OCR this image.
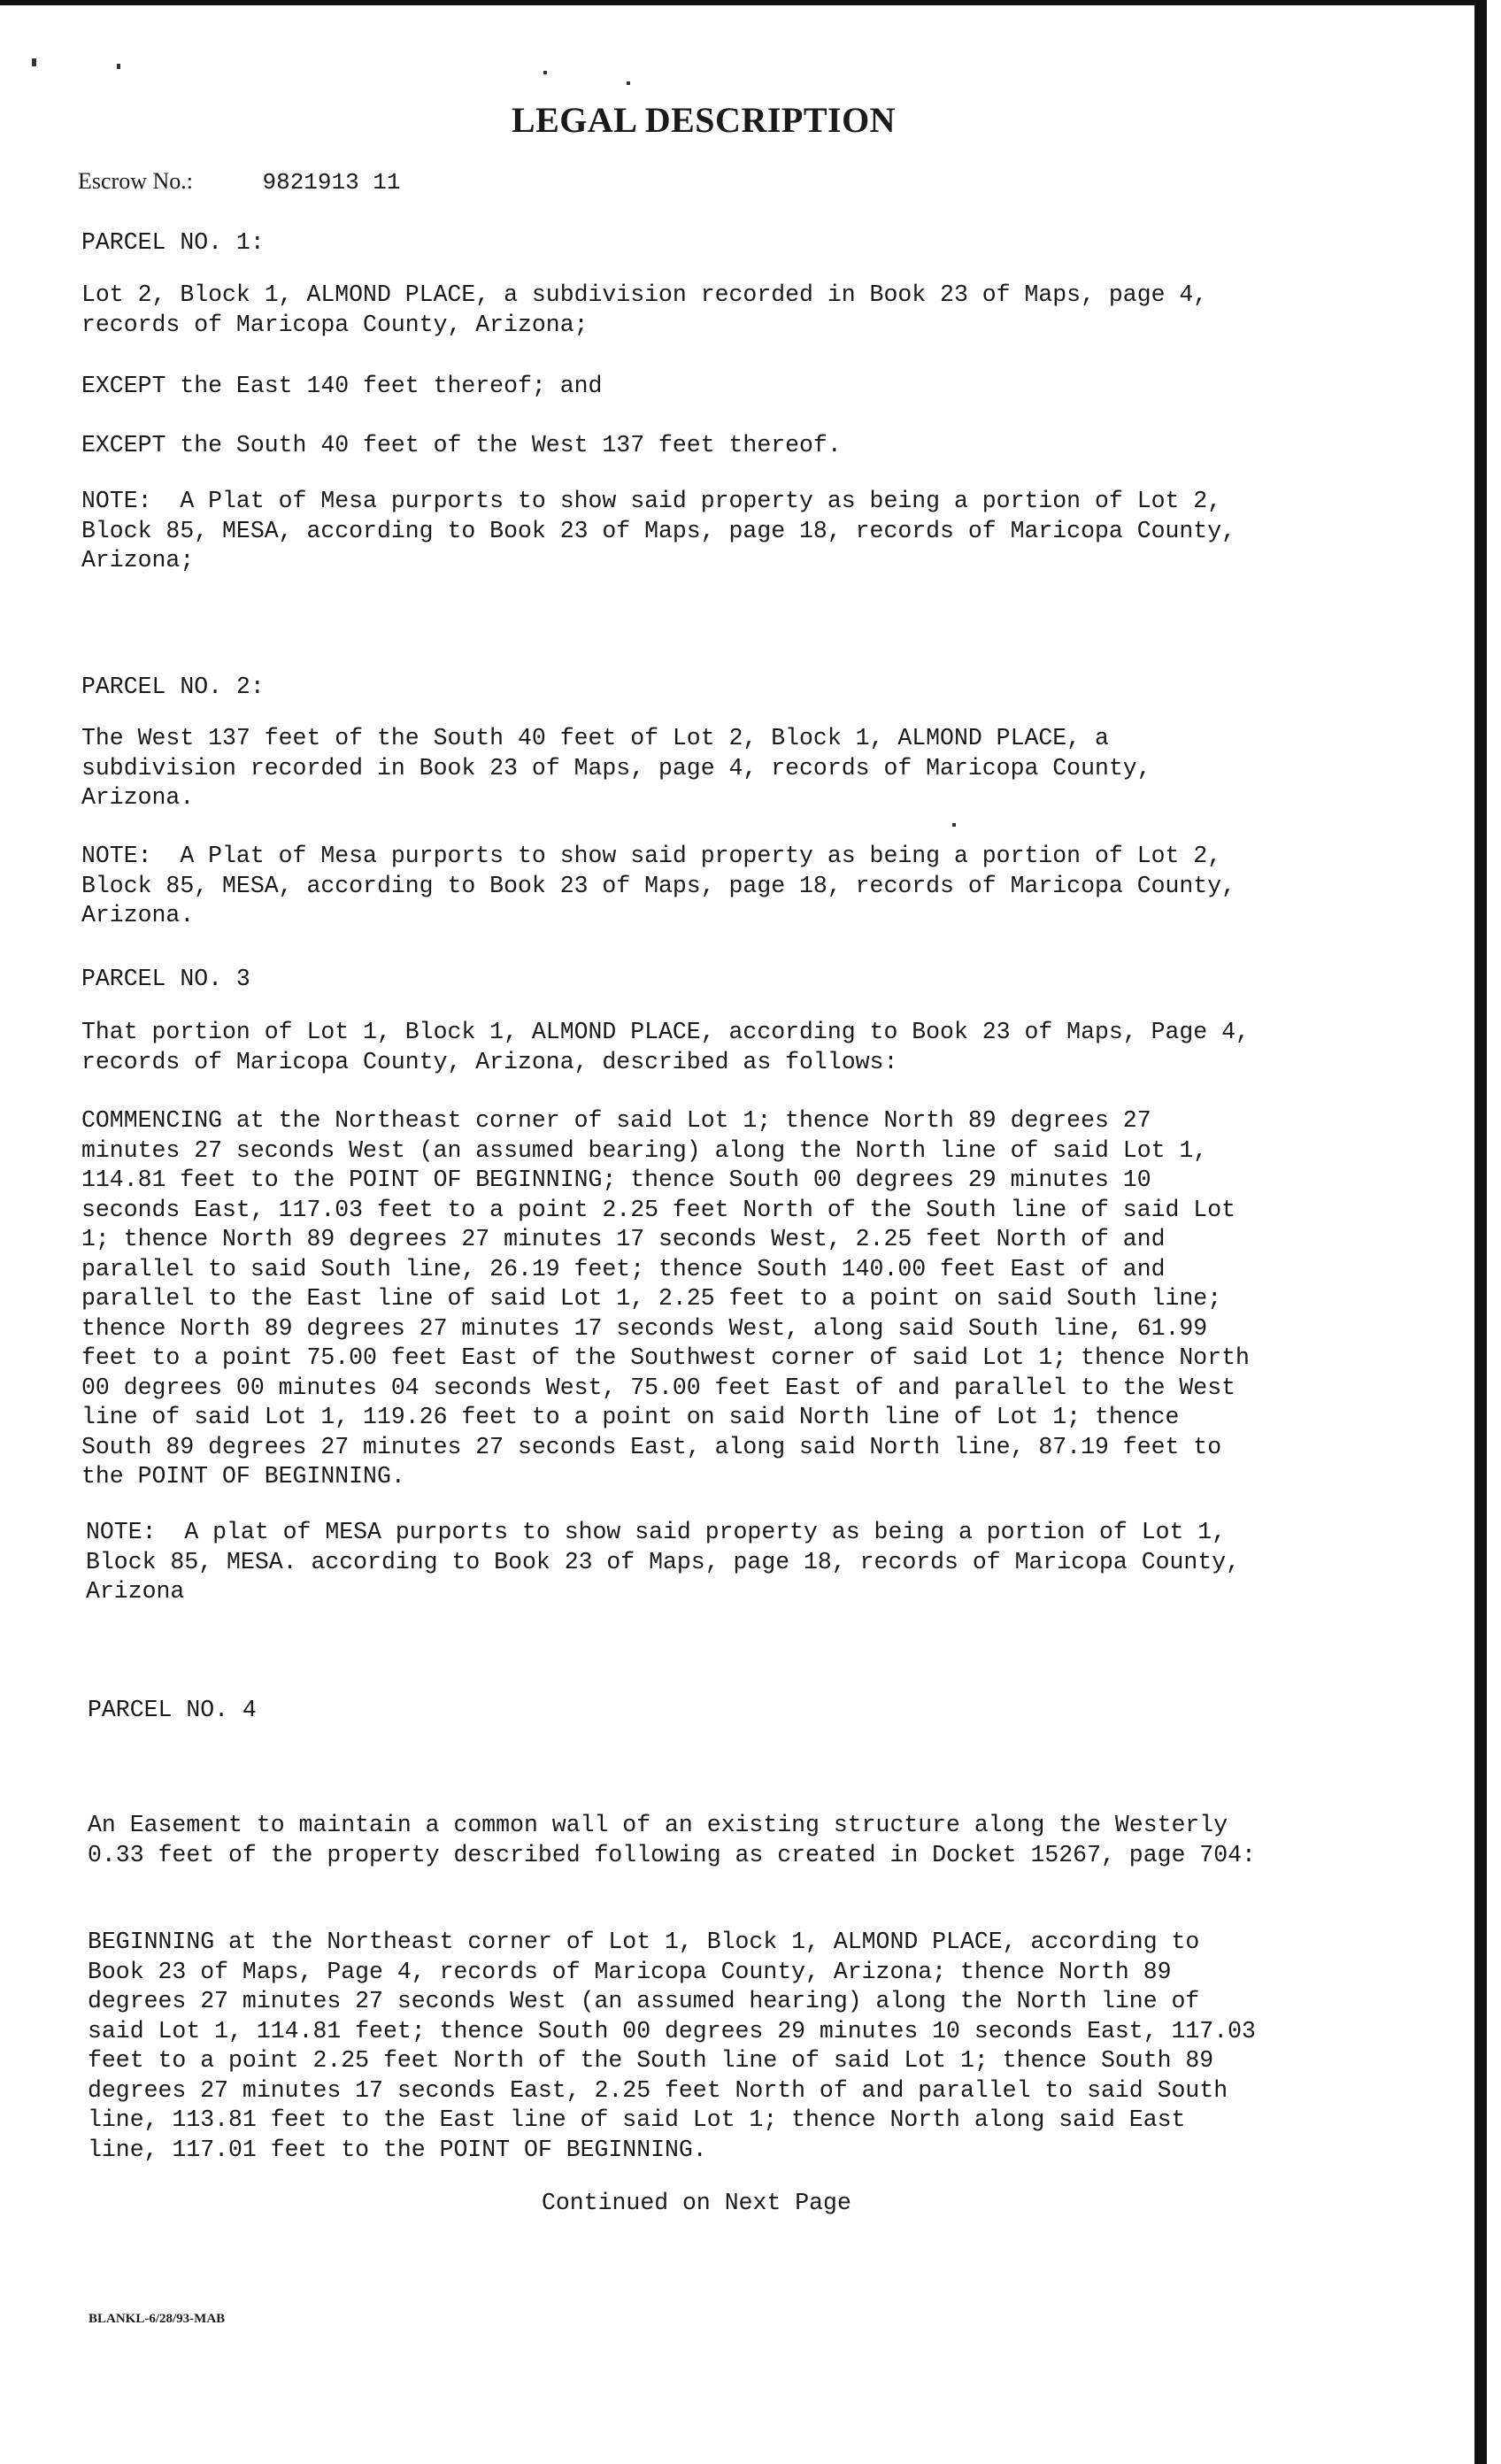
LEGAL DESCRIPTION
Escrow No.:	9821913 11

PARCEL NO. 1:

Lot 2, Block 1, ALMOND PLACE, a subdivision recorded in Book 23 of Maps, page 4,
records of Maricopa County, Arizona;

EXCEPT the East 140 feet thereof; and

EXCEPT the South 40 feet of the West 137 feet thereof.

NOTE:  A Plat of Mesa purports to show said property as being a portion of Lot 2,
Block 85, MESA, according to Book 23 of Maps, page 18, records of Maricopa County,
Arizona;

PARCEL NO. 2:

The West 137 feet of the South 40 feet of Lot 2, Block 1, ALMOND PLACE, a
subdivision recorded in Book 23 of Maps, page 4, records of Maricopa County,
Arizona.

NOTE:  A Plat of Mesa purports to show said property as being a portion of Lot 2,
Block 85, MESA, according to Book 23 of Maps, page 18, records of Maricopa County,
Arizona.

PARCEL NO. 3

That portion of Lot 1, Block 1, ALMOND PLACE, according to Book 23 of Maps, Page 4,
records of Maricopa County, Arizona, described as follows:

COMMENCING at the Northeast corner of said Lot 1; thence North 89 degrees 27
minutes 27 seconds West (an assumed bearing) along the North line of said Lot 1,
114.81 feet to the POINT OF BEGINNING; thence South 00 degrees 29 minutes 10
seconds East, 117.03 feet to a point 2.25 feet North of the South line of said Lot
1; thence North 89 degrees 27 minutes 17 seconds West, 2.25 feet North of and
parallel to said South line, 26.19 feet; thence South 140.00 feet East of and
parallel to the East line of said Lot 1, 2.25 feet to a point on said South line;
thence North 89 degrees 27 minutes 17 seconds West, along said South line, 61.99
feet to a point 75.00 feet East of the Southwest corner of said Lot 1; thence North
00 degrees 00 minutes 04 seconds West, 75.00 feet East of and parallel to the West
line of said Lot 1, 119.26 feet to a point on said North line of Lot 1; thence
South 89 degrees 27 minutes 27 seconds East, along said North line, 87.19 feet to
the POINT OF BEGINNING.

NOTE:  A plat of MESA purports to show said property as being a portion of Lot 1,
Block 85, MESA. according to Book 23 of Maps, page 18, records of Maricopa County,
Arizona

PARCEL NO. 4

An Easement to maintain a common wall of an existing structure along the Westerly
0.33 feet of the property described following as created in Docket 15267, page 704:

BEGINNING at the Northeast corner of Lot 1, Block 1, ALMOND PLACE, according to
Book 23 of Maps, Page 4, records of Maricopa County, Arizona; thence North 89
degrees 27 minutes 27 seconds West (an assumed hearing) along the North line of
said Lot 1, 114.81 feet; thence South 00 degrees 29 minutes 10 seconds East, 117.03
feet to a point 2.25 feet North of the South line of said Lot 1; thence South 89
degrees 27 minutes 17 seconds East, 2.25 feet North of and parallel to said South
line, 113.81 feet to the East line of said Lot 1; thence North along said East
line, 117.01 feet to the POINT OF BEGINNING.

Continued on Next Page

BLANKL-6/28/93-MAB
